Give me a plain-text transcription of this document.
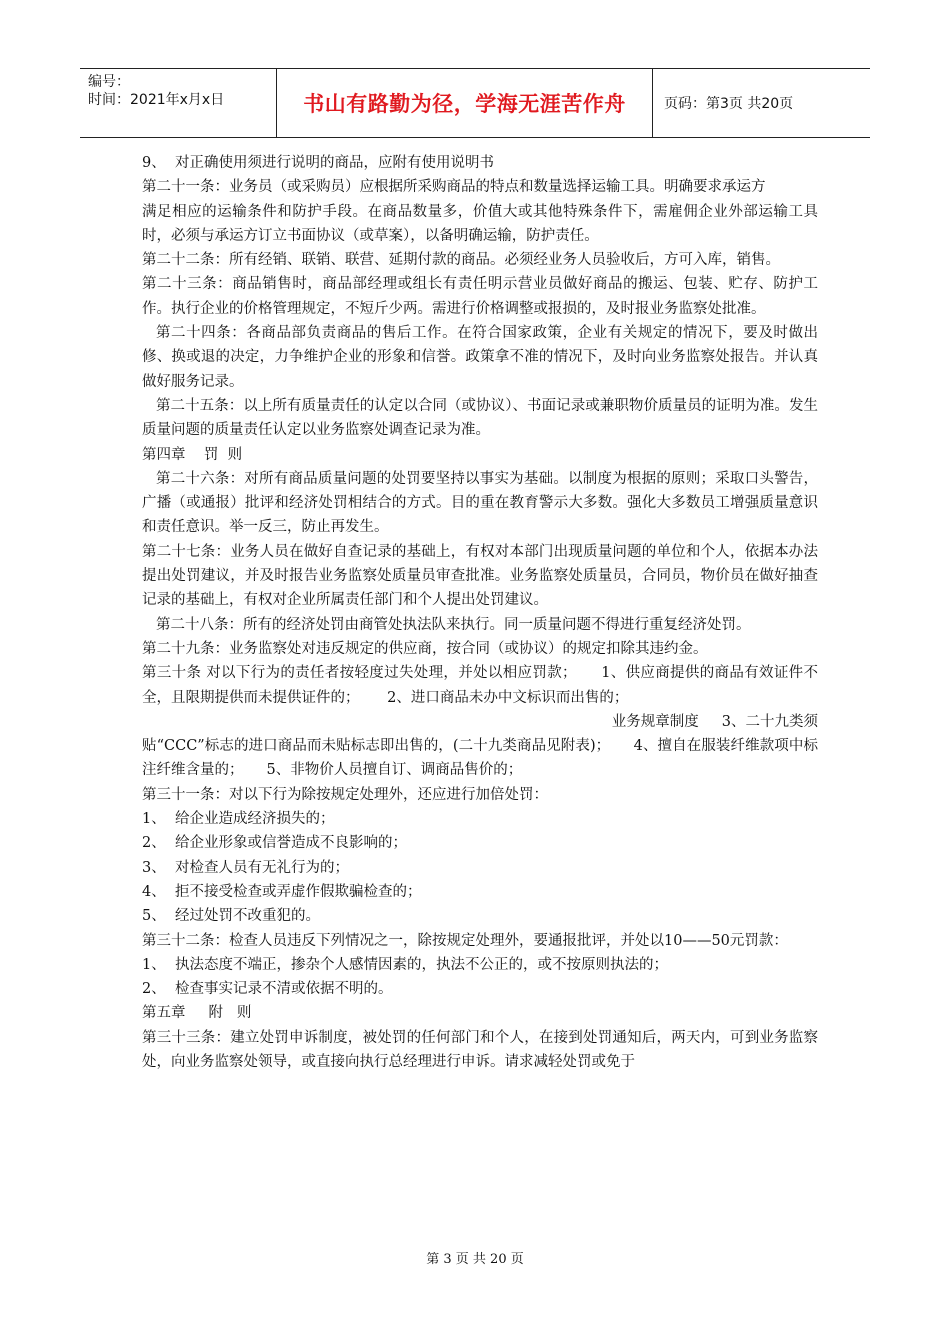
编号：
时间：2021年x月x日	书山有路勤为径，学海无涯苦作舟	页码：第3页 共20页

9、  对正确使用须进行说明的商品，应附有使用说明书

第二十一条：业务员（或采购员）应根据所采购商品的特点和数量选择运输工具。明确要求承运方

满足相应的运输条件和防护手段。在商品数量多，价值大或其他特殊条件下，需雇佣企业外部运输工具时，必须与承运方订立书面协议（或草案），以备明确运输，防护责任。

第二十二条：所有经销、联销、联营、延期付款的商品。必须经业务人员验收后，方可入库，销售。

第二十三条：商品销售时，商品部经理或组长有责任明示营业员做好商品的搬运、包装、贮存、防护工作。执行企业的价格管理规定，不短斤少两。需进行价格调整或报损的，及时报业务监察处批准。

第二十四条：各商品部负责商品的售后工作。在符合国家政策，企业有关规定的情况下，要及时做出修、换或退的决定，力争维护企业的形象和信誉。政策拿不准的情况下，及时向业务监察处报告。并认真做好服务记录。

第二十五条：以上所有质量责任的认定以合同（或协议）、书面记录或兼职物价质量员的证明为准。发生质量问题的质量责任认定以业务监察处调查记录为准。

第四章    罚  则

第二十六条：对所有商品质量问题的处罚要坚持以事实为基础。以制度为根据的原则；采取口头警告，广播（或通报）批评和经济处罚相结合的方式。目的重在教育警示大多数。强化大多数员工增强质量意识和责任意识。举一反三，防止再发生。

第二十七条：业务人员在做好自查记录的基础上，有权对本部门出现质量问题的单位和个人，依据本办法提出处罚建议，并及时报告业务监察处质量员审查批准。业务监察处质量员，合同员，物价员在做好抽查记录的基础上，有权对企业所属责任部门和个人提出处罚建议。

第二十八条：所有的经济处罚由商管处执法队来执行。同一质量问题不得进行重复经济处罚。

第二十九条：业务监察处对违反规定的供应商，按合同（或协议）的规定扣除其违约金。

第三十条 对以下行为的责任者按轻度过失处理，并处以相应罚款；     1、供应商提供的商品有效证件不全，且限期提供而未提供证件的；      2、进口商品未办中文标识而出售的；

业务规章制度     3、二十九类须

贴“CCC”标志的进口商品而未贴标志即出售的，(二十九类商品见附表)；     4、擅自在服装纤维款项中标注纤维含量的；     5、非物价人员擅自订、调商品售价的；

第三十一条：对以下行为除按规定处理外，还应进行加倍处罚：

1、  给企业造成经济损失的；

2、  给企业形象或信誉造成不良影响的；

3、  对检查人员有无礼行为的；

4、  拒不接受检查或弄虚作假欺骗检查的；

5、  经过处罚不改重犯的。

第三十二条：检查人员违反下列情况之一，除按规定处理外，要通报批评，并处以10——50元罚款：

1、  执法态度不端正，掺杂个人感情因素的，执法不公正的，或不按原则执法的；

2、  检查事实记录不清或依据不明的。

第五章     附   则

第三十三条：建立处罚申诉制度，被处罚的任何部门和个人，在接到处罚通知后，两天内，可到业务监察处，向业务监察处领导，或直接向执行总经理进行申诉。请求减轻处罚或免于

第 3 页 共 20 页
